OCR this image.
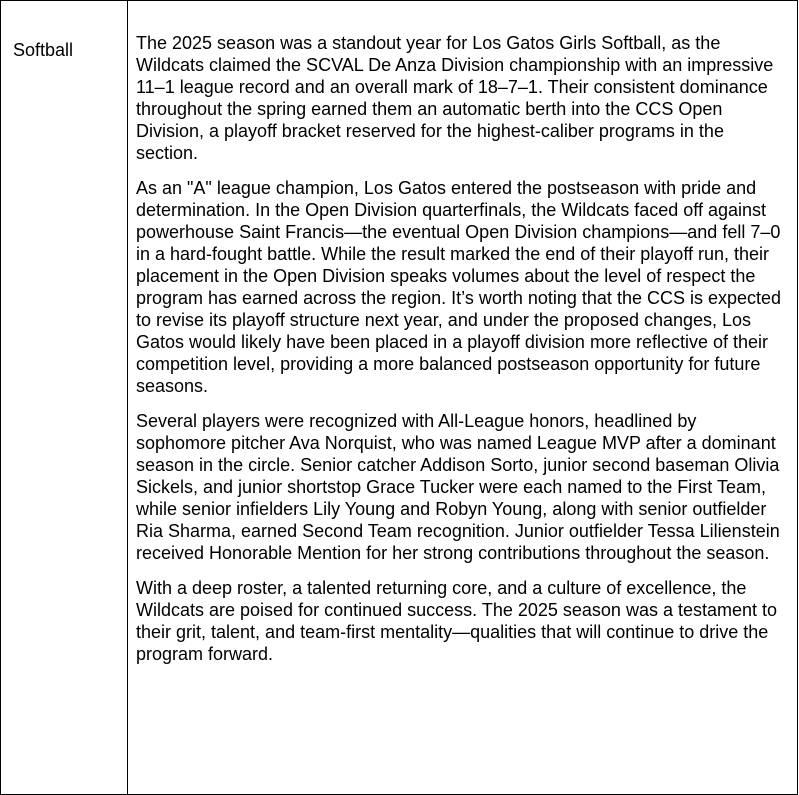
Softball	The 2025 season was a standout year for Los Gatos Girls Softball, as the Wildcats claimed the SCVAL De Anza Division championship with an impressive 11–1 league record and an overall mark of 18–7–1. Their consistent dominance throughout the spring earned them an automatic berth into the CCS Open Division, a playoff bracket reserved for the highest-caliber programs in the section.

As an "A" league champion, Los Gatos entered the postseason with pride and determination. In the Open Division quarterfinals, the Wildcats faced off against powerhouse Saint Francis—the eventual Open Division champions—and fell 7–0 in a hard-fought battle. While the result marked the end of their playoff run, their placement in the Open Division speaks volumes about the level of respect the program has earned across the region. It’s worth noting that the CCS is expected to revise its playoff structure next year, and under the proposed changes, Los Gatos would likely have been placed in a playoff division more reflective of their competition level, providing a more balanced postseason opportunity for future seasons.

Several players were recognized with All-League honors, headlined by sophomore pitcher Ava Norquist, who was named League MVP after a dominant season in the circle. Senior catcher Addison Sorto, junior second baseman Olivia Sickels, and junior shortstop Grace Tucker were each named to the First Team, while senior infielders Lily Young and Robyn Young, along with senior outfielder Ria Sharma, earned Second Team recognition. Junior outfielder Tessa Lilienstein received Honorable Mention for her strong contributions throughout the season.

With a deep roster, a talented returning core, and a culture of excellence, the Wildcats are poised for continued success. The 2025 season was a testament to their grit, talent, and team-first mentality—qualities that will continue to drive the program forward.
